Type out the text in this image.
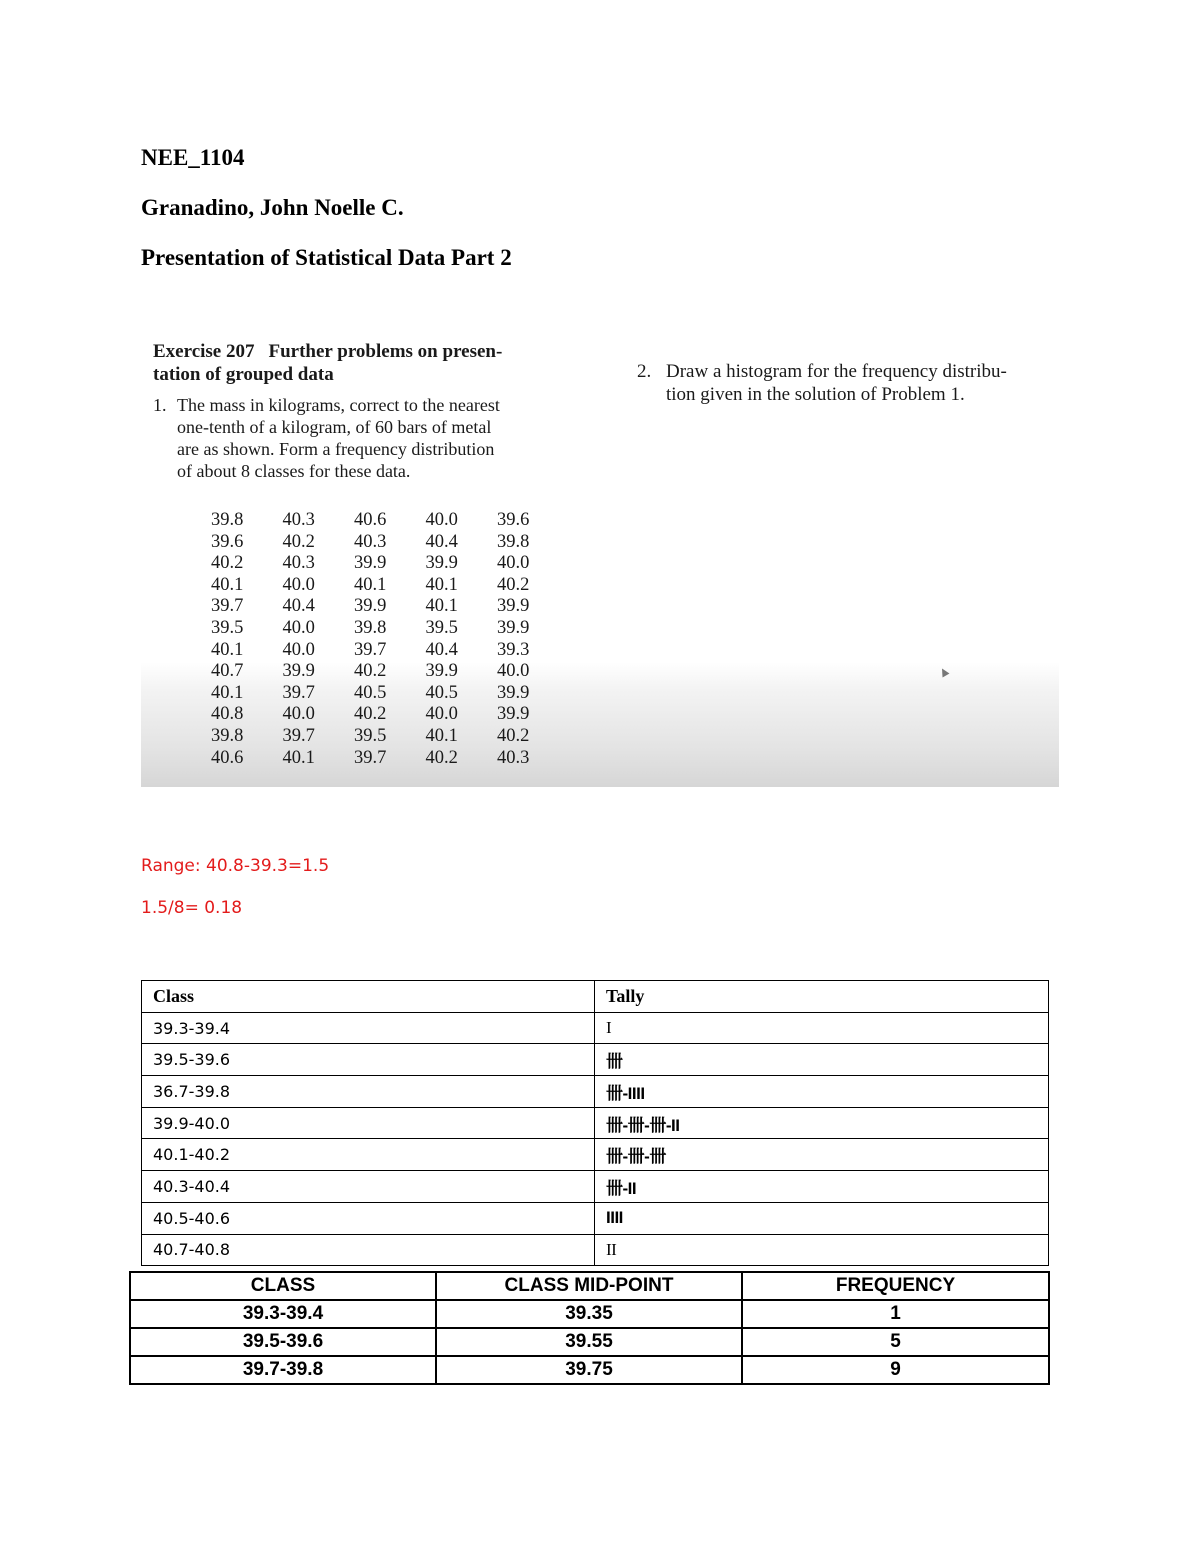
NEE_1104

Granadino, John Noelle C.

Presentation of Statistical Data Part 2

Exercise 207 Further problems on presen-
tation of grouped data

1. The mass in kilograms, correct to the nearest
one-tenth of a kilogram, of 60 bars of metal
are as shown. Form a frequency distribution
of about 8 classes for these data.
2. Draw a histogram for the frequency distribu-
tion given in the solution of Problem 1.
39.8	40.3	40.6	40.0	39.6
39.6	40.2	40.3	40.4	39.8
40.2	40.3	39.9	39.9	40.0
40.1	40.0	40.1	40.1	40.2
39.7	40.4	39.9	40.1	39.9
39.5	40.0	39.8	39.5	39.9
40.1	40.0	39.7	40.4	39.3
40.7	39.9	40.2	39.9	40.0
40.1	39.7	40.5	40.5	39.9
40.8	40.0	40.2	40.0	39.9
39.8	39.7	39.5	40.1	40.2
40.6	40.1	39.7	40.2	40.3

Range: 40.8-39.3=1.5

1.5/8= 0.18

Class	Tally
39.3-39.4	I
39.5-39.6	卌
36.7-39.8	卌-IIII
39.9-40.0	卌-卌-卌-II
40.1-40.2	卌-卌-卌
40.3-40.4	卌-II
40.5-40.6	IIII
40.7-40.8	II
CLASS	CLASS MID-POINT	FREQUENCY
39.3-39.4	39.35	1
39.5-39.6	39.55	5
39.7-39.8	39.75	9
